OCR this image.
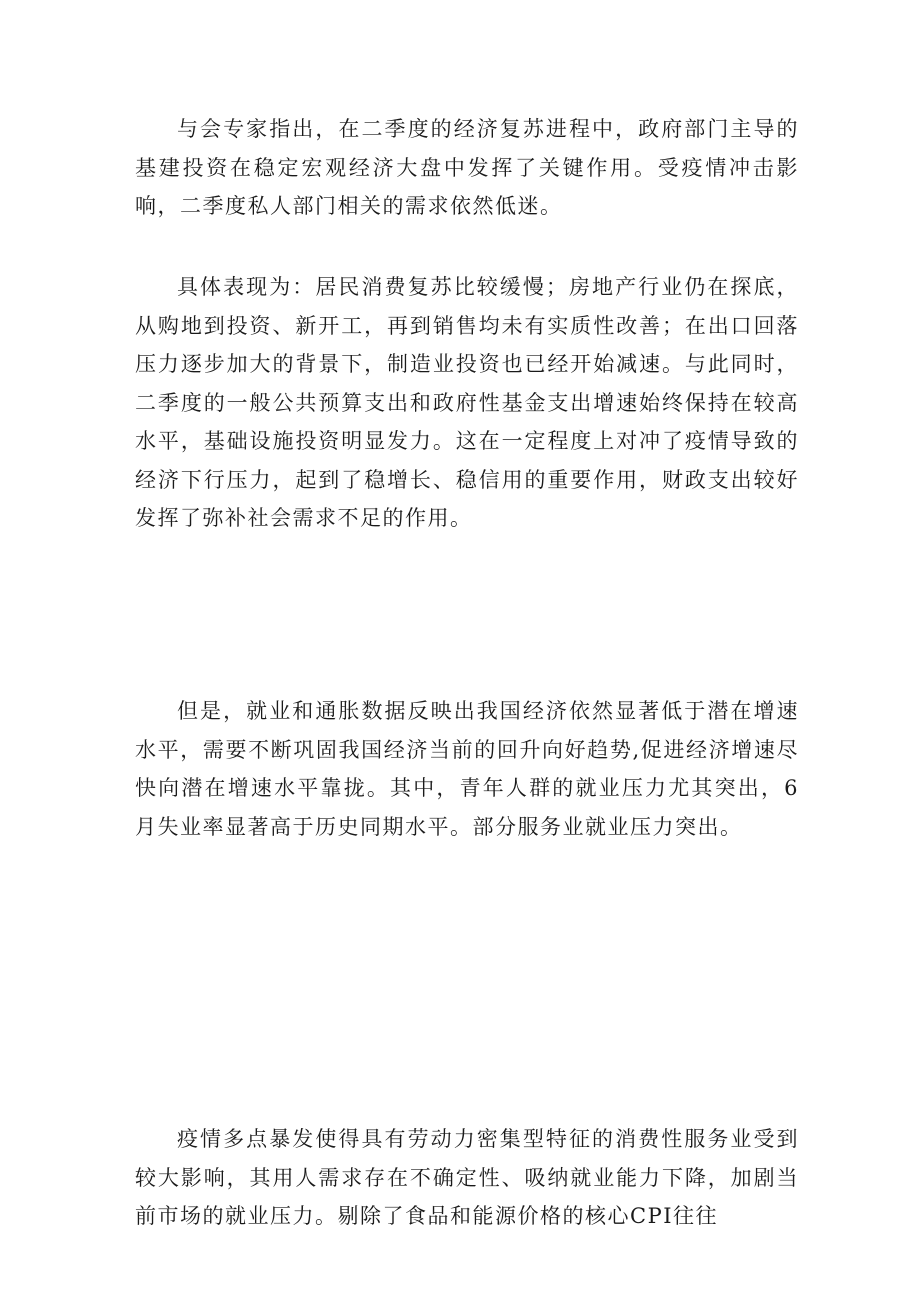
与会专家指出，在二季度的经济复苏进程中，政府部门主导的基建投资在稳定宏观经济大盘中发挥了关键作用。受疫情冲击影响，二季度私人部门相关的需求依然低迷。

具体表现为：居民消费复苏比较缓慢；房地产行业仍在探底，从购地到投资、新开工，再到销售均未有实质性改善；在出口回落压力逐步加大的背景下，制造业投资也已经开始减速。与此同时，二季度的一般公共预算支出和政府性基金支出增速始终保持在较高水平，基础设施投资明显发力。这在一定程度上对冲了疫情导致的经济下行压力，起到了稳增长、稳信用的重要作用，财政支出较好发挥了弥补社会需求不足的作用。

但是，就业和通胀数据反映出我国经济依然显著低于潜在增速水平，需要不断巩固我国经济当前的回升向好趋势,促进经济增速尽快向潜在增速水平靠拢。其中，青年人群的就业压力尤其突出，6月失业率显著高于历史同期水平。部分服务业就业压力突出。

疫情多点暴发使得具有劳动力密集型特征的消费性服务业受到较大影响，其用人需求存在不确定性、吸纳就业能力下降，加剧当前市场的就业压力。剔除了食品和能源价格的核心CPI往往
